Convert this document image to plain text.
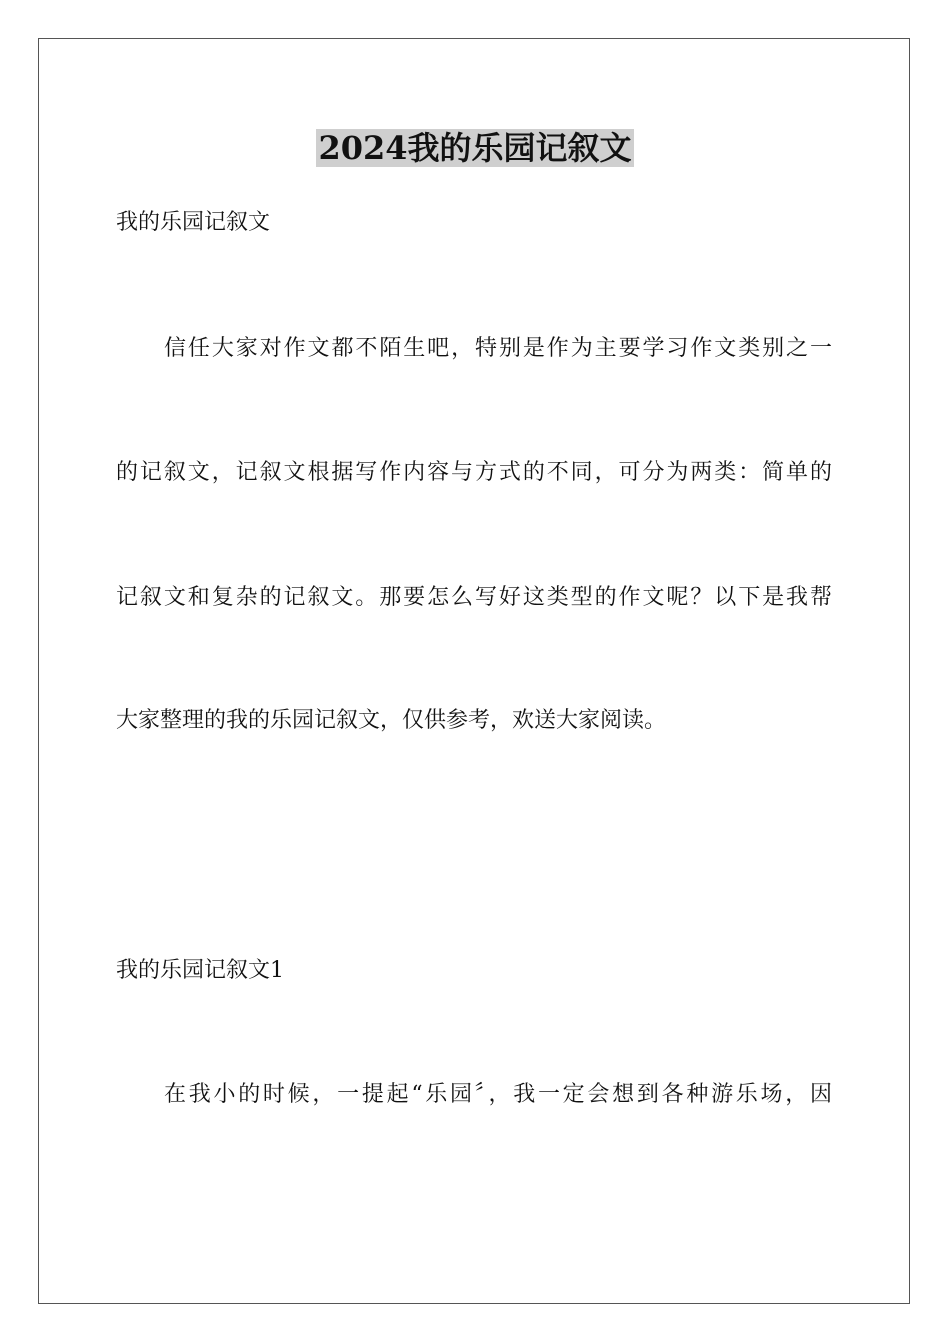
2024我的乐园记叙文

我的乐园记叙文

信任大家对作文都不陌生吧，特别是作为主要学习作文类别之一

的记叙文，记叙文根据写作内容与方式的不同，可分为两类：简单的

记叙文和复杂的记叙文。那要怎么写好这类型的作文呢？以下是我帮

大家整理的我的乐园记叙文，仅供参考，欢送大家阅读。

我的乐园记叙文1

在我小的时候，一提起“乐园〞，我一定会想到各种游乐场，因
